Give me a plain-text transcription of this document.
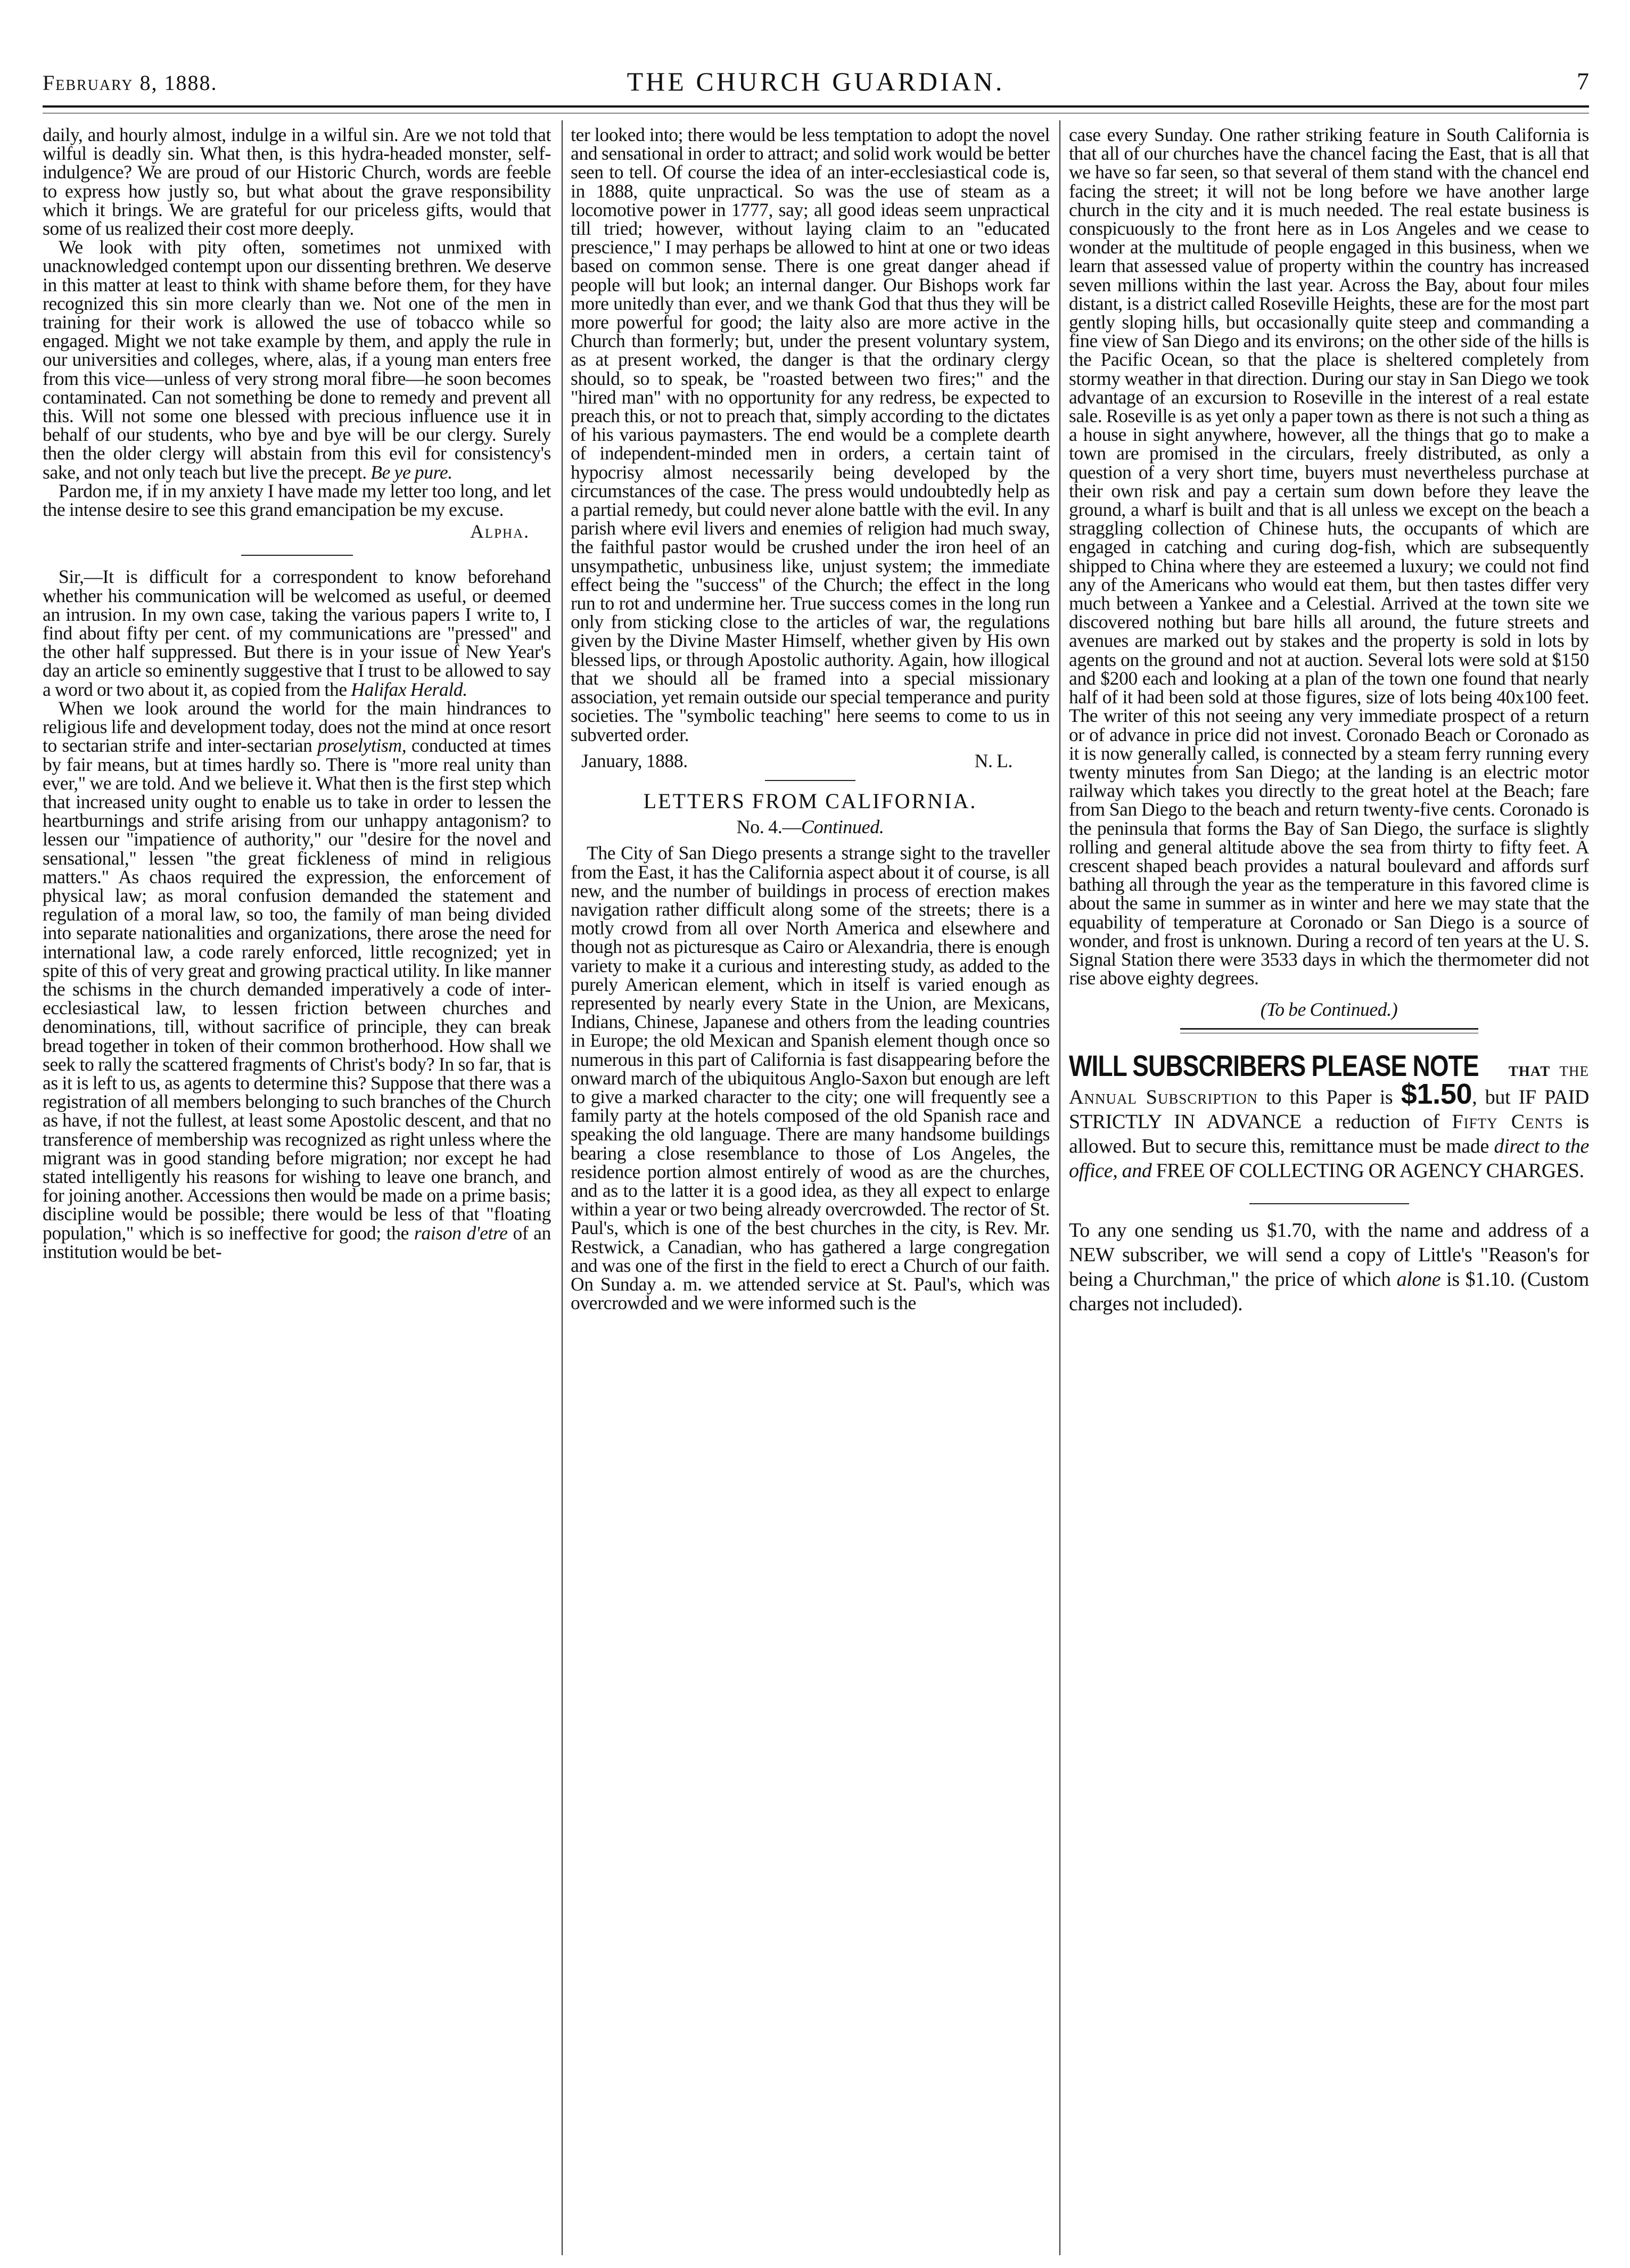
February 8, 1888.	THE CHURCH GUARDIAN.	7

daily, and hourly almost, indulge in a wilful sin. Are we not told that wilful is deadly sin. What then, is this hydra-headed monster, self-indulgence? We are proud of our Historic Church, words are feeble to express how justly so, but what about the grave responsibility which it brings. We are grateful for our priceless gifts, would that some of us realized their cost more deeply.

We look with pity often, sometimes not unmixed with unacknowledged contempt upon our dissenting brethren. We deserve in this matter at least to think with shame before them, for they have recognized this sin more clearly than we. Not one of the men in training for their work is allowed the use of tobacco while so engaged. Might we not take example by them, and apply the rule in our universities and colleges, where, alas, if a young man enters free from this vice—unless of very strong moral fibre—he soon becomes contaminated. Can not something be done to remedy and prevent all this. Will not some one blessed with precious influence use it in behalf of our students, who bye and bye will be our clergy. Surely then the older clergy will abstain from this evil for consistency's sake, and not only teach but live the precept. Be ye pure.

Pardon me, if in my anxiety I have made my letter too long, and let the intense desire to see this grand emancipation be my excuse.

Alpha.

Sir,—It is difficult for a correspondent to know beforehand whether his communication will be welcomed as useful, or deemed an intrusion. In my own case, taking the various papers I write to, I find about fifty per cent. of my communications are "pressed" and the other half suppressed. But there is in your issue of New Year's day an article so eminently suggestive that I trust to be allowed to say a word or two about it, as copied from the Halifax Herald.

When we look around the world for the main hindrances to religious life and development today, does not the mind at once resort to sectarian strife and inter-sectarian proselytism, conducted at times by fair means, but at times hardly so. There is "more real unity than ever," we are told. And we believe it. What then is the first step which that increased unity ought to enable us to take in order to lessen the heartburnings and strife arising from our unhappy antagonism? to lessen our "impatience of authority," our "desire for the novel and sensational," lessen "the great fickleness of mind in religious matters." As chaos required the expression, the enforcement of physical law; as moral confusion demanded the statement and regulation of a moral law, so too, the family of man being divided into separate nationalities and organizations, there arose the need for international law, a code rarely enforced, little recognized; yet in spite of this of very great and growing practical utility. In like manner the schisms in the church demanded imperatively a code of inter-ecclesiastical law, to lessen friction between churches and denominations, till, without sacrifice of principle, they can break bread together in token of their common brotherhood. How shall we seek to rally the scattered fragments of Christ's body? In so far, that is as it is left to us, as agents to determine this? Suppose that there was a registration of all members belonging to such branches of the Church as have, if not the fullest, at least some Apostolic descent, and that no transference of membership was recognized as right unless where the migrant was in good standing before migration; nor except he had stated intelligently his reasons for wishing to leave one branch, and for joining another. Accessions then would be made on a prime basis; discipline would be possible; there would be less of that "floating population," which is so ineffective for good; the raison d'etre of an institution would be bet-

ter looked into; there would be less temptation to adopt the novel and sensational in order to attract; and solid work would be better seen to tell. Of course the idea of an inter-ecclesiastical code is, in 1888, quite unpractical. So was the use of steam as a locomotive power in 1777, say; all good ideas seem unpractical till tried; however, without laying claim to an "educated prescience," I may perhaps be allowed to hint at one or two ideas based on common sense. There is one great danger ahead if people will but look; an internal danger. Our Bishops work far more unitedly than ever, and we thank God that thus they will be more powerful for good; the laity also are more active in the Church than formerly; but, under the present voluntary system, as at present worked, the danger is that the ordinary clergy should, so to speak, be "roasted between two fires;" and the "hired man" with no opportunity for any redress, be expected to preach this, or not to preach that, simply according to the dictates of his various paymasters. The end would be a complete dearth of independent-minded men in orders, a certain taint of hypocrisy almost necessarily being developed by the circumstances of the case. The press would undoubtedly help as a partial remedy, but could never alone battle with the evil. In any parish where evil livers and enemies of religion had much sway, the faithful pastor would be crushed under the iron heel of an unsympathetic, unbusiness like, unjust system; the immediate effect being the "success" of the Church; the effect in the long run to rot and undermine her. True success comes in the long run only from sticking close to the articles of war, the regulations given by the Divine Master Himself, whether given by His own blessed lips, or through Apostolic authority. Again, how illogical that we should all be framed into a special missionary association, yet remain outside our special temperance and purity societies. The "symbolic teaching" here seems to come to us in subverted order.

January, 1888.	N. L.
LETTERS FROM CALIFORNIA.
No. 4.—Continued.

The City of San Diego presents a strange sight to the traveller from the East, it has the California aspect about it of course, is all new, and the number of buildings in process of erection makes navigation rather difficult along some of the streets; there is a motly crowd from all over North America and elsewhere and though not as picturesque as Cairo or Alexandria, there is enough variety to make it a curious and interesting study, as added to the purely American element, which in itself is varied enough as represented by nearly every State in the Union, are Mexicans, Indians, Chinese, Japanese and others from the leading countries in Europe; the old Mexican and Spanish element though once so numerous in this part of California is fast disappearing before the onward march of the ubiquitous Anglo-Saxon but enough are left to give a marked character to the city; one will frequently see a family party at the hotels composed of the old Spanish race and speaking the old language. There are many handsome buildings bearing a close resemblance to those of Los Angeles, the residence portion almost entirely of wood as are the churches, and as to the latter it is a good idea, as they all expect to enlarge within a year or two being already overcrowded. The rector of St. Paul's, which is one of the best churches in the city, is Rev. Mr. Restwick, a Canadian, who has gathered a large congregation and was one of the first in the field to erect a Church of our faith. On Sunday a. m. we attended service at St. Paul's, which was overcrowded and we were informed such is the

case every Sunday. One rather striking feature in South California is that all of our churches have the chancel facing the East, that is all that we have so far seen, so that several of them stand with the chancel end facing the street; it will not be long before we have another large church in the city and it is much needed. The real estate business is conspicuously to the front here as in Los Angeles and we cease to wonder at the multitude of people engaged in this business, when we learn that assessed value of property within the country has increased seven millions within the last year. Across the Bay, about four miles distant, is a district called Roseville Heights, these are for the most part gently sloping hills, but occasionally quite steep and commanding a fine view of San Diego and its environs; on the other side of the hills is the Pacific Ocean, so that the place is sheltered completely from stormy weather in that direction. During our stay in San Diego we took advantage of an excursion to Roseville in the interest of a real estate sale. Roseville is as yet only a paper town as there is not such a thing as a house in sight anywhere, however, all the things that go to make a town are promised in the circulars, freely distributed, as only a question of a very short time, buyers must nevertheless purchase at their own risk and pay a certain sum down before they leave the ground, a wharf is built and that is all unless we except on the beach a straggling collection of Chinese huts, the occupants of which are engaged in catching and curing dog-fish, which are subsequently shipped to China where they are esteemed a luxury; we could not find any of the Americans who would eat them, but then tastes differ very much between a Yankee and a Celestial. Arrived at the town site we discovered nothing but bare hills all around, the future streets and avenues are marked out by stakes and the property is sold in lots by agents on the ground and not at auction. Several lots were sold at $150 and $200 each and looking at a plan of the town one found that nearly half of it had been sold at those figures, size of lots being 40x100 feet. The writer of this not seeing any very immediate prospect of a return or of advance in price did not invest. Coronado Beach or Coronado as it is now generally called, is connected by a steam ferry running every twenty minutes from San Diego; at the landing is an electric motor railway which takes you directly to the great hotel at the Beach; fare from San Diego to the beach and return twenty-five cents. Coronado is the peninsula that forms the Bay of San Diego, the surface is slightly rolling and general altitude above the sea from thirty to fifty feet. A crescent shaped beach provides a natural boulevard and affords surf bathing all through the year as the temperature in this favored clime is about the same in summer as in winter and here we may state that the equability of temperature at Coronado or San Diego is a source of wonder, and frost is unknown. During a record of ten years at the U. S. Signal Station there were 3533 days in which the thermometer did not rise above eighty degrees.

(To be Continued.)

WILL SUBSCRIBERS PLEASE NOTE that the Annual Subscription to this Paper is $1.50, but IF PAID STRICTLY IN ADVANCE a reduction of Fifty Cents is allowed. But to secure this, remittance must be made direct to the office, and FREE OF COLLECTING OR AGENCY CHARGES.

To any one sending us $1.70, with the name and address of a NEW subscriber, we will send a copy of Little's "Reason's for being a Churchman," the price of which alone is $1.10. (Custom charges not included).
